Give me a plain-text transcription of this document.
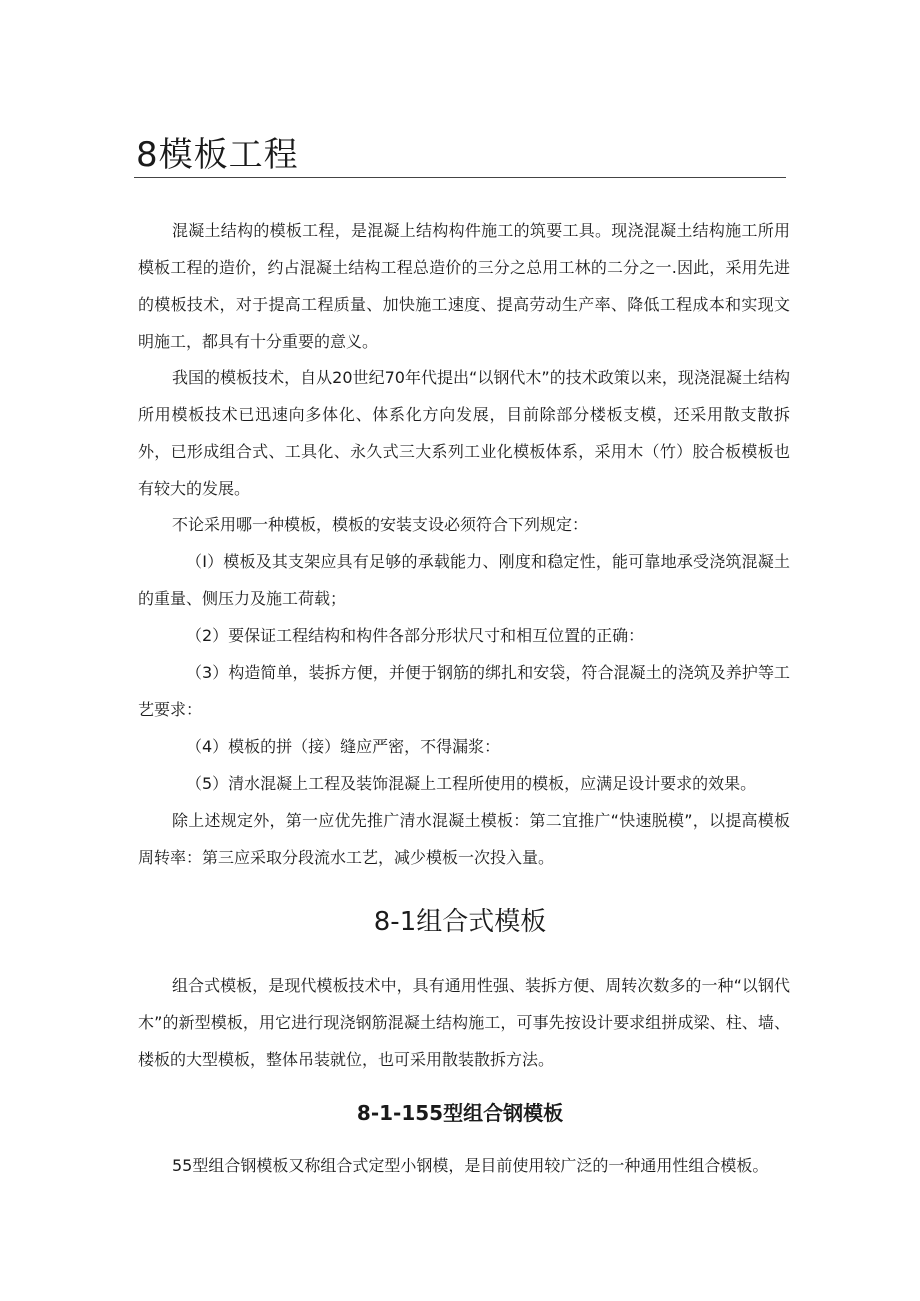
8模板工程

混凝土结构的模板工程，是混凝上结构构件施工的筑要工具。现浇混凝土结构施工所用模板工程的造价，约占混凝土结构工程总造价的三分之总用工林的二分之一.因此，采用先进的模板技术，对于提高工程质量、加快施工速度、提高劳动生产率、降低工程成本和实现文明施工，都具有十分重要的意义。

我国的模板技术，自从20世纪70年代提出“以钢代木”的技术政策以来，现浇混凝土结构所用模板技术已迅速向多体化、体系化方向发展，目前除部分楼板支模，还采用散支散拆外，已形成组合式、工具化、永久式三大系列工业化模板体系，采用木（竹）胶合板模板也有较大的发展。

不论采用哪一种模板，模板的安装支设必须符合下列规定：

（I）模板及其支架应具有足够的承载能力、刚度和稳定性，能可靠地承受浇筑混凝土的重量、侧压力及施工荷载；

（2）要保证工程结构和构件各部分形状尺寸和相互位置的正确：

（3）构造简单，装拆方便，并便于钢筋的绑扎和安袋，符合混凝土的浇筑及养护等工艺要求：

（4）模板的拼（接）缝应严密，不得漏浆：

（5）清水混凝上工程及装饰混凝上工程所使用的模板，应满足设计要求的效果。

除上述规定外，第一应优先推广清水混凝土模板：第二宜推广“快速脱模”，以提高模板周转率：第三应采取分段流水工艺，减少模板一次投入量。

8-1组合式模板

组合式模板，是现代模板技术中，具有通用性强、装拆方便、周转次数多的一种“以钢代木”的新型模板，用它进行现浇钢筋混凝土结构施工，可事先按设计要求组拼成梁、柱、墙、楼板的大型模板，整体吊装就位，也可采用散装散拆方法。

8-1-155型组合钢模板

55型组合钢模板又称组合式定型小钢模，是目前使用较广泛的一种通用性组合模板。
